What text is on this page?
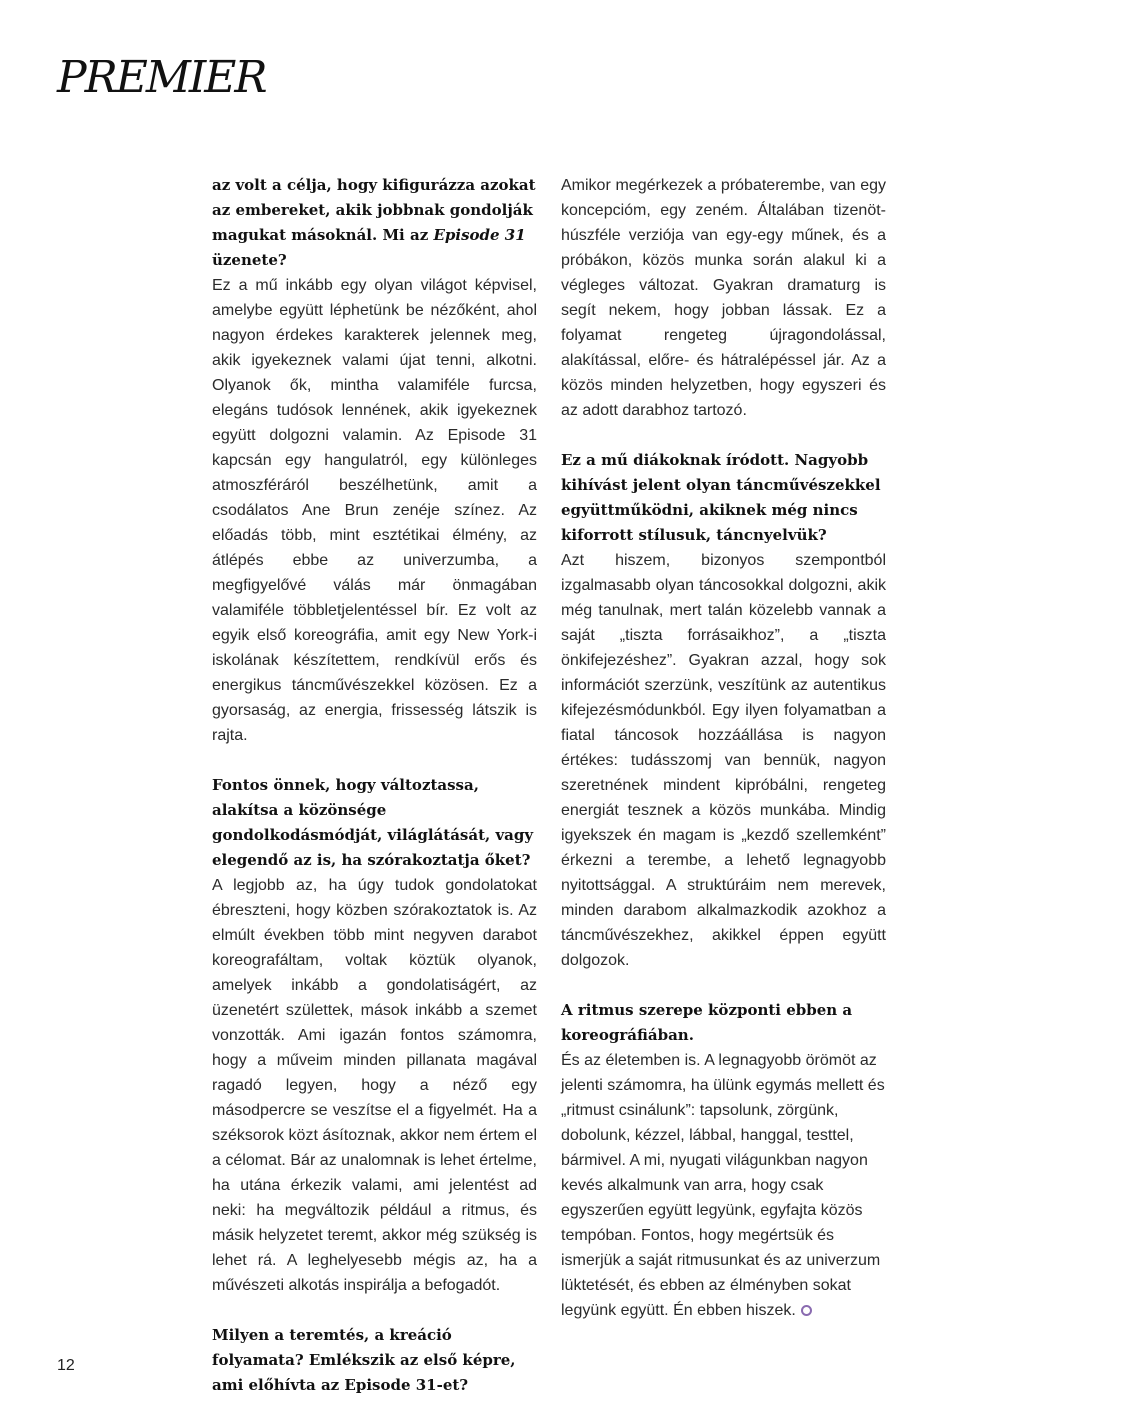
PREMIER

az volt a célja, hogy kifigurázza azokat az embereket, akik jobbnak gondolják magukat másoknál. Mi az Episode 31 üzenete?

Ez a mű inkább egy olyan világot képvisel, amelybe együtt léphetünk be nézőként, ahol nagyon érdekes karakterek jelennek meg, akik igyekeznek valami újat tenni, alkotni. Olyanok ők, mintha valamiféle furcsa, elegáns tudósok lennének, akik igyekeznek együtt dolgozni valamin. Az Episode 31 kapcsán egy hangulatról, egy különleges atmoszféráról beszélhetünk, amit a csodálatos Ane Brun zenéje színez. Az előadás több, mint esztétikai élmény, az átlépés ebbe az univerzumba, a megfigyelővé válás már önmagában valamiféle többletjelentéssel bír. Ez volt az egyik első koreográfia, amit egy New York-i iskolának készítettem, rendkívül erős és energikus táncművészekkel közösen. Ez a gyorsaság, az energia, frissesség látszik is rajta.

Fontos önnek, hogy változtassa, alakítsa a közönsége gondolkodásmódját, világlátását, vagy elegendő az is, ha szórakoztatja őket?

A legjobb az, ha úgy tudok gondolatokat ébreszteni, hogy közben szórakoztatok is. Az elmúlt években több mint negyven darabot koreografáltam, voltak köztük olyanok, amelyek inkább a gondolatiságért, az üzenetért születtek, mások inkább a szemet vonzották. Ami igazán fontos számomra, hogy a műveim minden pillanata magával ragadó legyen, hogy a néző egy másodpercre se veszítse el a figyelmét. Ha a széksorok közt ásítoznak, akkor nem értem el a célomat. Bár az unalomnak is lehet értelme, ha utána érkezik valami, ami jelentést ad neki: ha megváltozik például a ritmus, és másik helyzetet teremt, akkor még szükség is lehet rá. A leghelyesebb mégis az, ha a művészeti alkotás inspirálja a befogadót.

Milyen a teremtés, a kreáció folyamata? Emlékszik az első képre, ami előhívta az Episode 31-et?

Amikor megérkezek a próbaterembe, van egy koncepcióm, egy zeném. Általában tizenöt-húszféle verziója van egy-egy műnek, és a próbákon, közös munka során alakul ki a végleges változat. Gyakran dramaturg is segít nekem, hogy jobban lássak. Ez a folyamat rengeteg újragondolással, alakítással, előre- és hátralépéssel jár. Az a közös minden helyzetben, hogy egyszeri és az adott darabhoz tartozó.

Ez a mű diákoknak íródott. Nagyobb kihívást jelent olyan táncművészekkel együttműködni, akiknek még nincs kiforrott stílusuk, táncnyelvük?

Azt hiszem, bizonyos szempontból izgalmasabb olyan táncosokkal dolgozni, akik még tanulnak, mert talán közelebb vannak a saját „tiszta forrásaikhoz”, a „tiszta önkifejezéshez”. Gyakran azzal, hogy sok információt szerzünk, veszítünk az autentikus kifejezésmódunkból. Egy ilyen folyamatban a fiatal táncosok hozzáállása is nagyon értékes: tudásszomj van bennük, nagyon szeretnének mindent kipróbálni, rengeteg energiát tesznek a közös munkába. Mindig igyekszek én magam is „kezdő szellemként” érkezni a terembe, a lehető legnagyobb nyitottsággal. A struktúráim nem merevek, minden darabom alkalmazkodik azokhoz a táncművészekhez, akikkel éppen együtt dolgozok.

A ritmus szerepe központi ebben a koreográfiában.

És az életemben is. A legnagyobb örömöt az jelenti számomra, ha ülünk egymás mellett és „ritmust csinálunk”: tapsolunk, zörgünk, dobolunk, kézzel, lábbal, hanggal, testtel, bármivel. A mi, nyugati világunkban nagyon kevés alkalmunk van arra, hogy csak egyszerűen együtt legyünk, egyfajta közös tempóban. Fontos, hogy megértsük és ismerjük a saját ritmusunkat és az univerzum lüktetését, és ebben az élményben sokat legyünk együtt. Én ebben hiszek.

12
